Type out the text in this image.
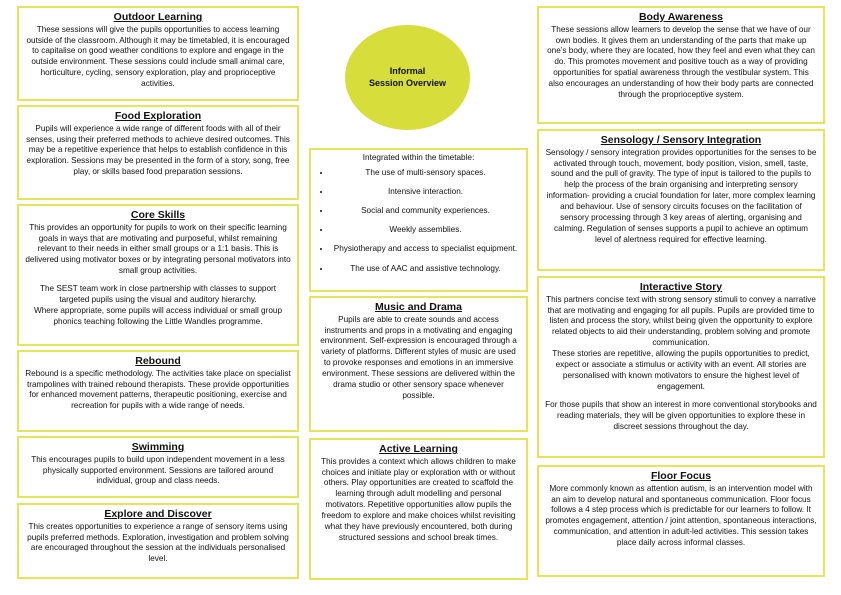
Informal
Session Overview
Outdoor Learning

These sessions will give the pupils opportunities to access learning outside of the classroom. Although it may be timetabled, it is encouraged to capitalise on good weather conditions to explore and engage in the outside environment. These sessions could include small animal care, horticulture, cycling, sensory exploration, play and proprioceptive activities.

Food Exploration

Pupils will experience a wide range of different foods with all of their senses, using their preferred methods to achieve desired outcomes. This may be a repetitive experience that helps to establish confidence in this exploration. Sessions may be presented in the form of a story, song, free play, or skills based food preparation sessions.

Core Skills

This provides an opportunity for pupils to work on their specific learning goals in ways that are motivating and purposeful, whilst remaining relevant to their needs in either small groups or a 1:1 basis. This is delivered using motivator boxes or by integrating personal motivators into small group activities.

The SEST team work in close partnership with classes to support targeted pupils using the visual and auditory hierarchy.

Where appropriate, some pupils will access individual or small group phonics teaching following the Little Wandles programme.

Rebound

Rebound is a specific methodology. The activities take place on specialist trampolines with trained rebound therapists. These provide opportunities for enhanced movement patterns, therapeutic positioning, exercise and recreation for pupils with a wide range of needs.

Swimming

This encourages pupils to build upon independent movement in a less physically supported environment. Sessions are tailored around individual, group and class needs.

Explore and Discover

This creates opportunities to experience a range of sensory items using pupils preferred methods. Exploration, investigation and problem solving are encouraged throughout the session at the individuals personalised level.

Integrated within the timetable:

• The use of multi-sensory spaces.
• Intensive interaction.
• Social and community experiences.
• Weekly assemblies.
• Physiotherapy and access to specialist equipment.
• The use of AAC and assistive technology.
Music and Drama

Pupils are able to create sounds and access instruments and props in a motivating and engaging environment. Self-expression is encouraged through a variety of platforms. Different styles of music are used to provoke responses and emotions in an immersive environment. These sessions are delivered within the drama studio or other sensory space whenever possible.

Active Learning

This provides a context which allows children to make choices and initiate play or exploration with or without others. Play opportunities are created to scaffold the learning through adult modelling and personal motivators. Repetitive opportunities allow pupils the freedom to explore and make choices whilst revisiting what they have previously encountered, both during structured sessions and school break times.

Body Awareness

These sessions allow learners to develop the sense that we have of our own bodies. It gives them an understanding of the parts that make up one’s body, where they are located, how they feel and even what they can do. This promotes movement and positive touch as a way of providing opportunities for spatial awareness through the vestibular system. This also encourages an understanding of how their body parts are connected through the proprioceptive system.

Sensology / Sensory Integration

Sensology / sensory integration provides opportunities for the senses to be activated through touch, movement, body position, vision, smell, taste, sound and the pull of gravity. The type of input is tailored to the pupils to help the process of the brain organising and interpreting sensory information- providing a crucial foundation for later, more complex learning and behaviour. Use of sensory circuits focuses on the facilitation of sensory processing through 3 key areas of alerting, organising and calming. Regulation of senses supports a pupil to achieve an optimum level of alertness required for effective learning.

Interactive Story

This partners concise text with strong sensory stimuli to convey a narrative that are motivating and engaging for all pupils. Pupils are provided time to listen and process the story, whilst being given the opportunity to explore related objects to aid their understanding, problem solving and promote communication.

These stories are repetitive, allowing the pupils opportunities to predict, expect or associate a stimulus or activity with an event. All stories are personalised with known motivators to ensure the highest level of engagement.

For those pupils that show an interest in more conventional storybooks and reading materials, they will be given opportunities to explore these in discreet sessions throughout the day.

Floor Focus

More commonly known as attention autism, is an intervention model with an aim to develop natural and spontaneous communication. Floor focus follows a 4 step process which is predictable for our learners to follow. It promotes engagement, attention / joint attention, spontaneous interactions, communication, and attention in adult-led activities. This session takes place daily across informal classes.
